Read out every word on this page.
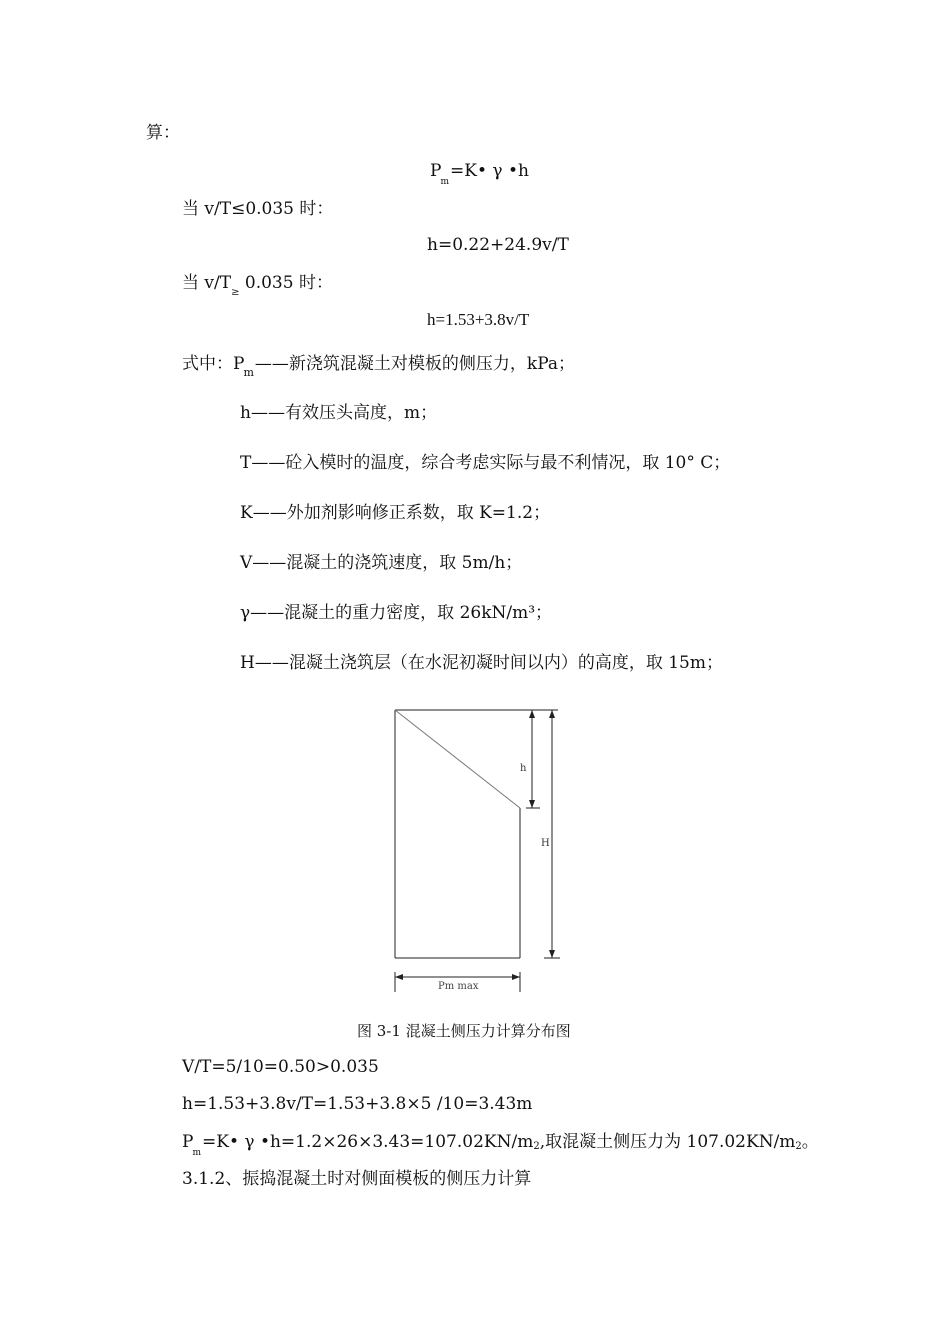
算：
$P_m=K•$ γ •h
当 v/T≤0.035 时：
h=0.22+24.9v/T
当 $v/T_\ge$ 0.035 时：
h=1.53+3.8v/T
式中：$P_m——$新浇筑混凝土对模板的侧压力，kPa；
h——有效压头高度，m；
T——砼入模时的温度，综合考虑实际与最不利情况，取 10° C；
K——外加剂影响修正系数，取 K=1.2；
V——混凝土的浇筑速度，取 5m/h；
γ——混凝土的重力密度，取 26kN/m³；
H——混凝土浇筑层（在水泥初凝时间以内）的高度，取 15m；
h
H
Pm max
图 3-1 混凝土侧压力计算分布图
V/T=5/10=0.50>0.035
h=1.53+3.8v/T=1.53+3.8×5 /10=3.43m
$P_m=K•$ γ •h=1.2×26×3.43=107.02KN/m2,取混凝土侧压力为 107.02KN/m2。
3.1.2、振捣混凝土时对侧面模板的侧压力计算
